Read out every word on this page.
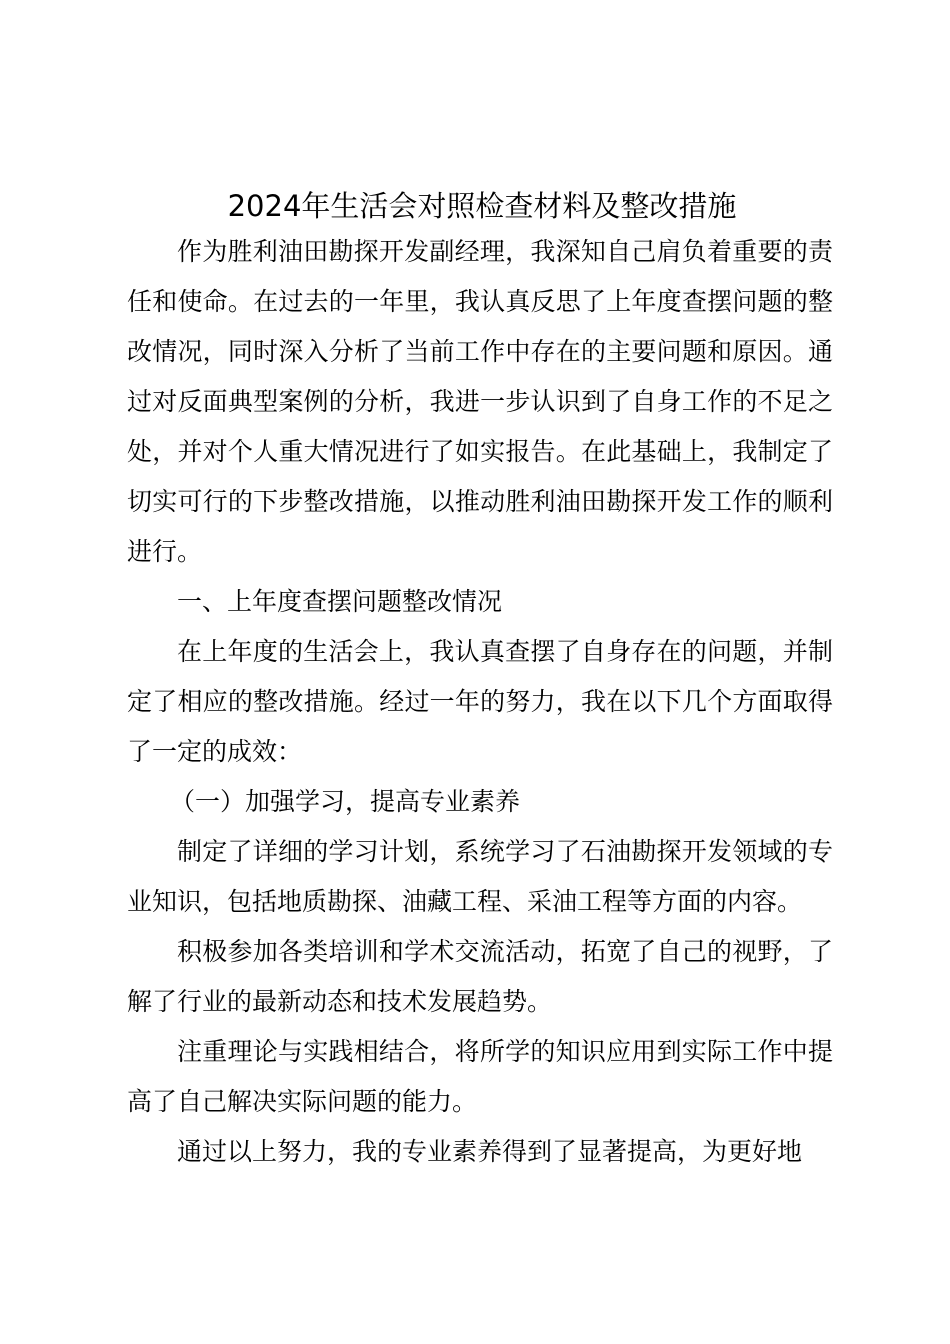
2024年生活会对照检查材料及整改措施

作为胜利油田勘探开发副经理，我深知自己肩负着重要的责任和使命。在过去的一年里，我认真反思了上年度查摆问题的整改情况，同时深入分析了当前工作中存在的主要问题和原因。通过对反面典型案例的分析，我进一步认识到了自身工作的不足之处，并对个人重大情况进行了如实报告。在此基础上，我制定了切实可行的下步整改措施，以推动胜利油田勘探开发工作的顺利进行。

一、上年度查摆问题整改情况

在上年度的生活会上，我认真查摆了自身存在的问题，并制定了相应的整改措施。经过一年的努力，我在以下几个方面取得了一定的成效：

（一）加强学习，提高专业素养

制定了详细的学习计划，系统学习了石油勘探开发领域的专业知识，包括地质勘探、油藏工程、采油工程等方面的内容。

积极参加各类培训和学术交流活动，拓宽了自己的视野，了解了行业的最新动态和技术发展趋势。

注重理论与实践相结合，将所学的知识应用到实际工作中提高了自己解决实际问题的能力。

通过以上努力，我的专业素养得到了显著提高，为更好地
